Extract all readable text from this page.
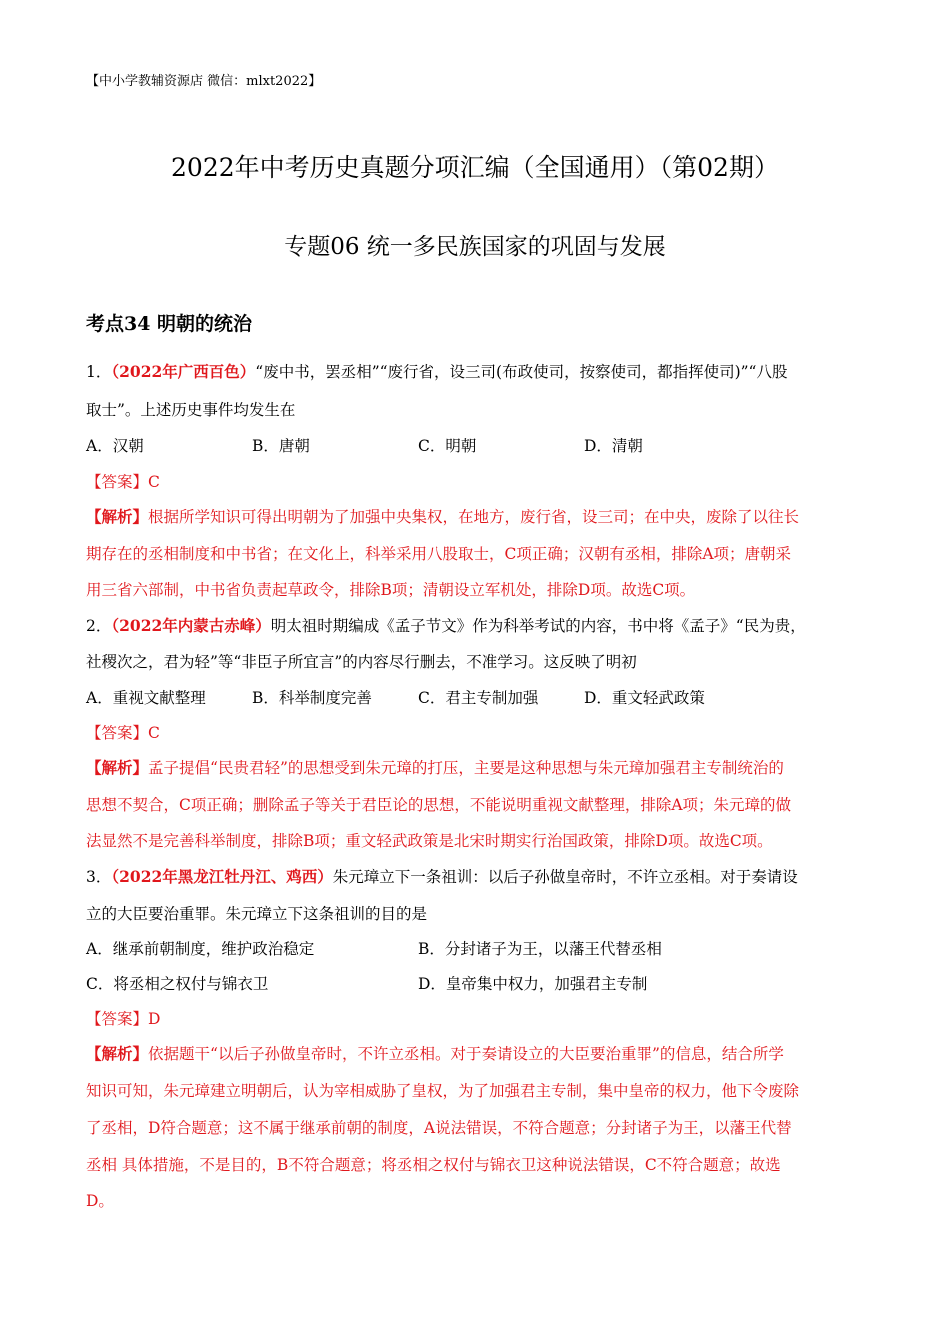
【中小学教辅资源店 微信：mlxt2022】
2022年中考历史真题分项汇编（全国通用）（第02期）
专题06 统一多民族国家的巩固与发展
考点34 明朝的统治
1．（2022年广西百色）“废中书，罢丞相”“废行省，设三司(布政使司，按察使司，都指挥使司)”“八股
取士”。上述历史事件均发生在
A．汉朝	B．唐朝	C．明朝	D．清朝
【答案】C
【解析】根据所学知识可得出明朝为了加强中央集权，在地方，废行省，设三司；在中央，废除了以往长
期存在的丞相制度和中书省；在文化上，科举采用八股取士，C项正确；汉朝有丞相，排除A项；唐朝采
用三省六部制，中书省负责起草政令，排除B项；清朝设立军机处，排除D项。故选C项。
2．（2022年内蒙古赤峰）明太祖时期编成《孟子节文》作为科举考试的内容，书中将《孟子》“民为贵，
社稷次之，君为轻”等“非臣子所宜言”的内容尽行删去，不准学习。这反映了明初
A．重视文献整理	B．科举制度完善	C．君主专制加强	D．重文轻武政策
【答案】C
【解析】孟子提倡“民贵君轻”的思想受到朱元璋的打压，主要是这种思想与朱元璋加强君主专制统治的
思想不契合，C项正确；删除孟子等关于君臣论的思想，不能说明重视文献整理，排除A项；朱元璋的做
法显然不是完善科举制度，排除B项；重文轻武政策是北宋时期实行治国政策，排除D项。故选C项。
3．（2022年黑龙江牡丹江、鸡西）朱元璋立下一条祖训：以后子孙做皇帝时，不许立丞相。对于奏请设
立的大臣要治重罪。朱元璋立下这条祖训的目的是
A．继承前朝制度，维护政治稳定	B．分封诸子为王，以藩王代替丞相
C．将丞相之权付与锦衣卫	D．皇帝集中权力，加强君主专制
【答案】D
【解析】依据题干“以后子孙做皇帝时，不许立丞相。对于奏请设立的大臣要治重罪”的信息，结合所学
知识可知，朱元璋建立明朝后，认为宰相威胁了皇权，为了加强君主专制，集中皇帝的权力，他下令废除
了丞相，D符合题意；这不属于继承前朝的制度，A说法错误，不符合题意；分封诸子为王，以藩王代替
丞相 具体措施，不是目的，B不符合题意；将丞相之权付与锦衣卫这种说法错误，C不符合题意；故选
D。
